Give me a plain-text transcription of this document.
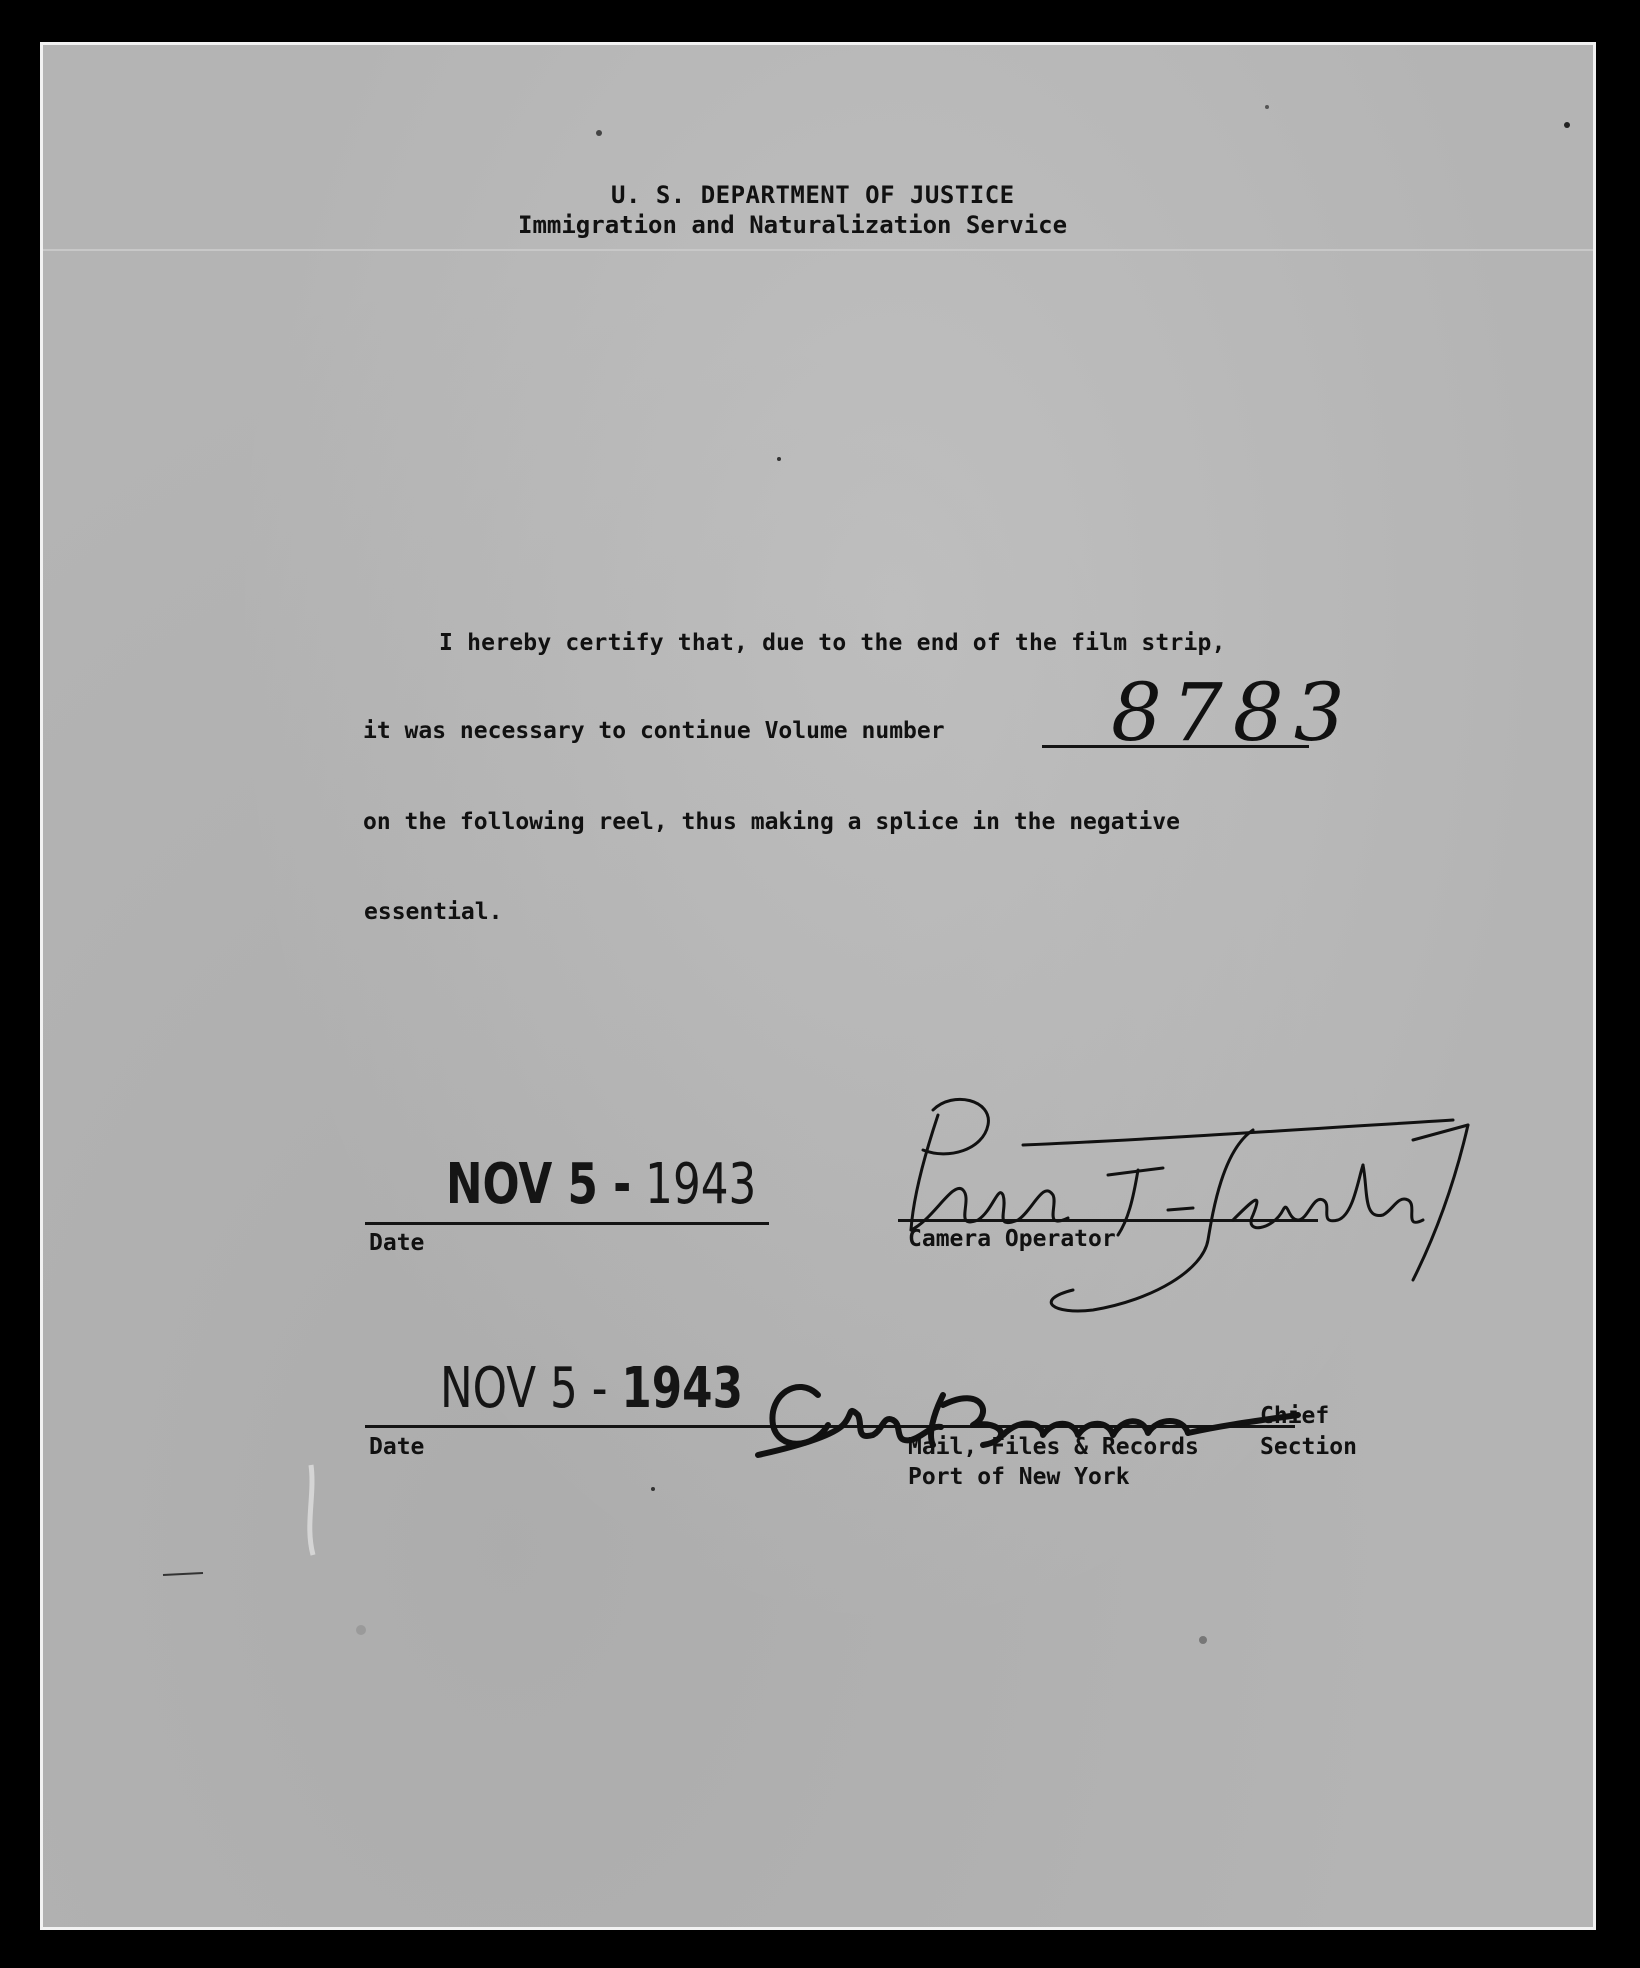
U. S. DEPARTMENT OF JUSTICE
Immigration and Naturalization Service
I hereby certify that, due to the end of the film strip,
it was necessary to continue Volume number 8783
on the following reel, thus making a splice in the negative
essential.
NOV 5 - 1943
Date	Camera Operator
NOV 5 - 1943
Date
Chief
Mail, Files & Records	Section
Port of New York
